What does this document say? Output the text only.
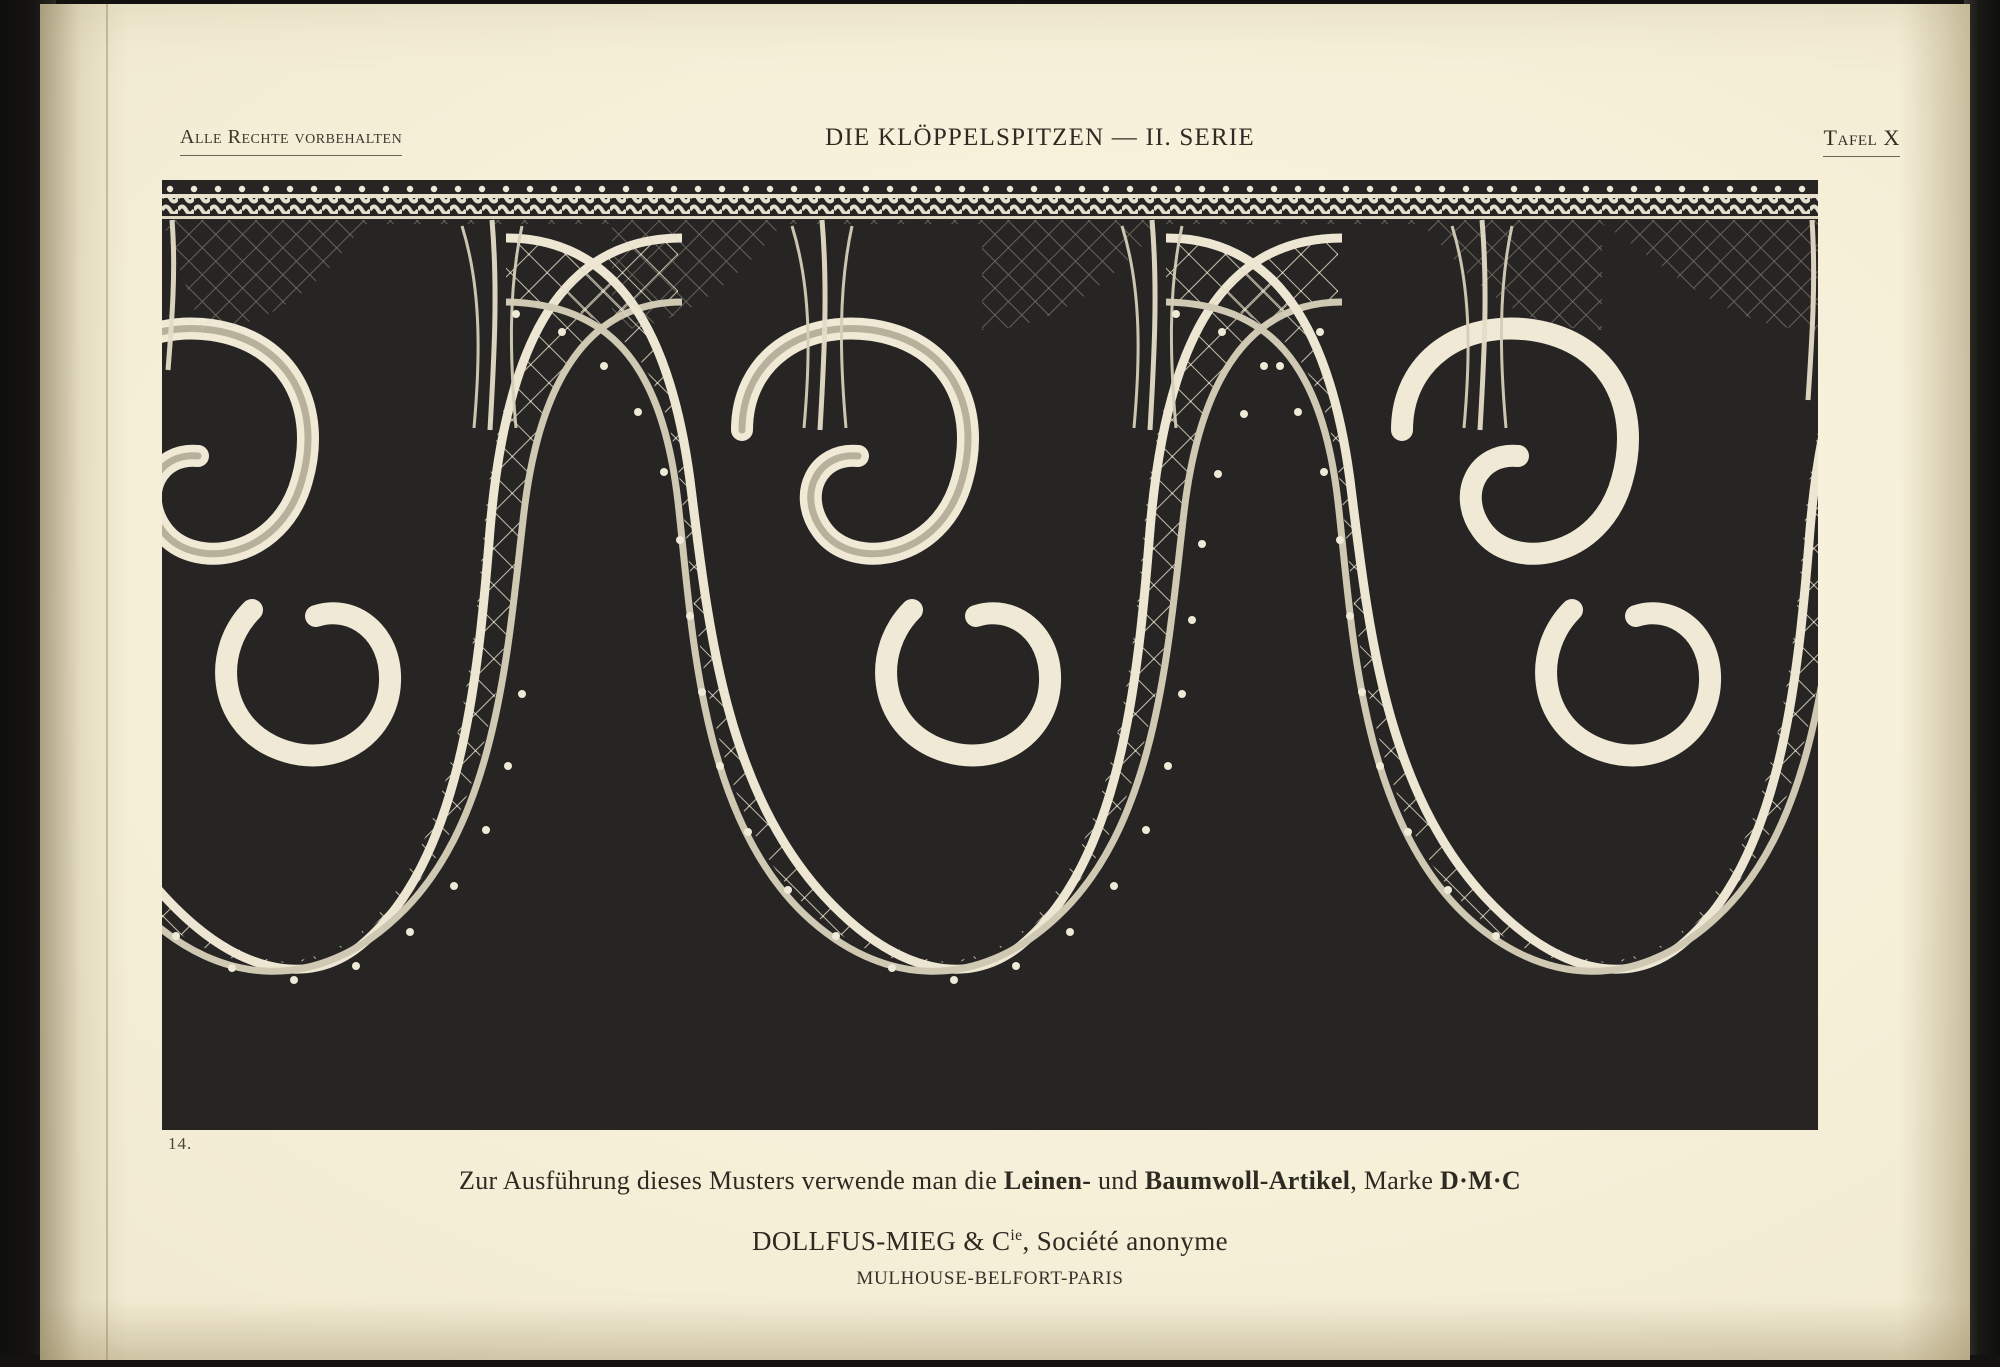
Alle Rechte vorbehalten	DIE KLÖPPELSPITZEN — II. SERIE	Tafel X
14.
Zur Ausführung dieses Musters verwende man die Leinen- und Baumwoll-Artikel, Marke D·M·C
DOLLFUS-MIEG & $C^{ie}$, Société anonyme
MULHOUSE-BELFORT-PARIS
